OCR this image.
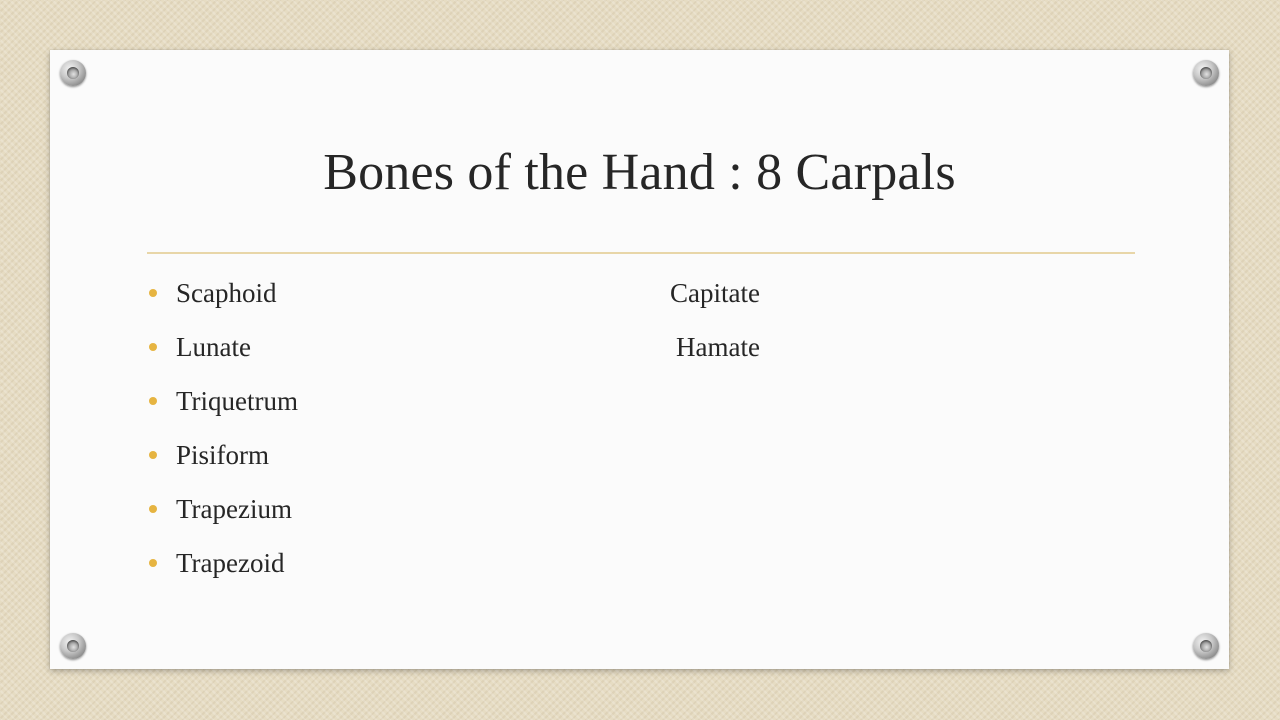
Bones of the Hand : 8 Carpals
Scaphoid
Lunate
Triquetrum
Pisiform
Trapezium
Trapezoid
Capitate
Hamate
